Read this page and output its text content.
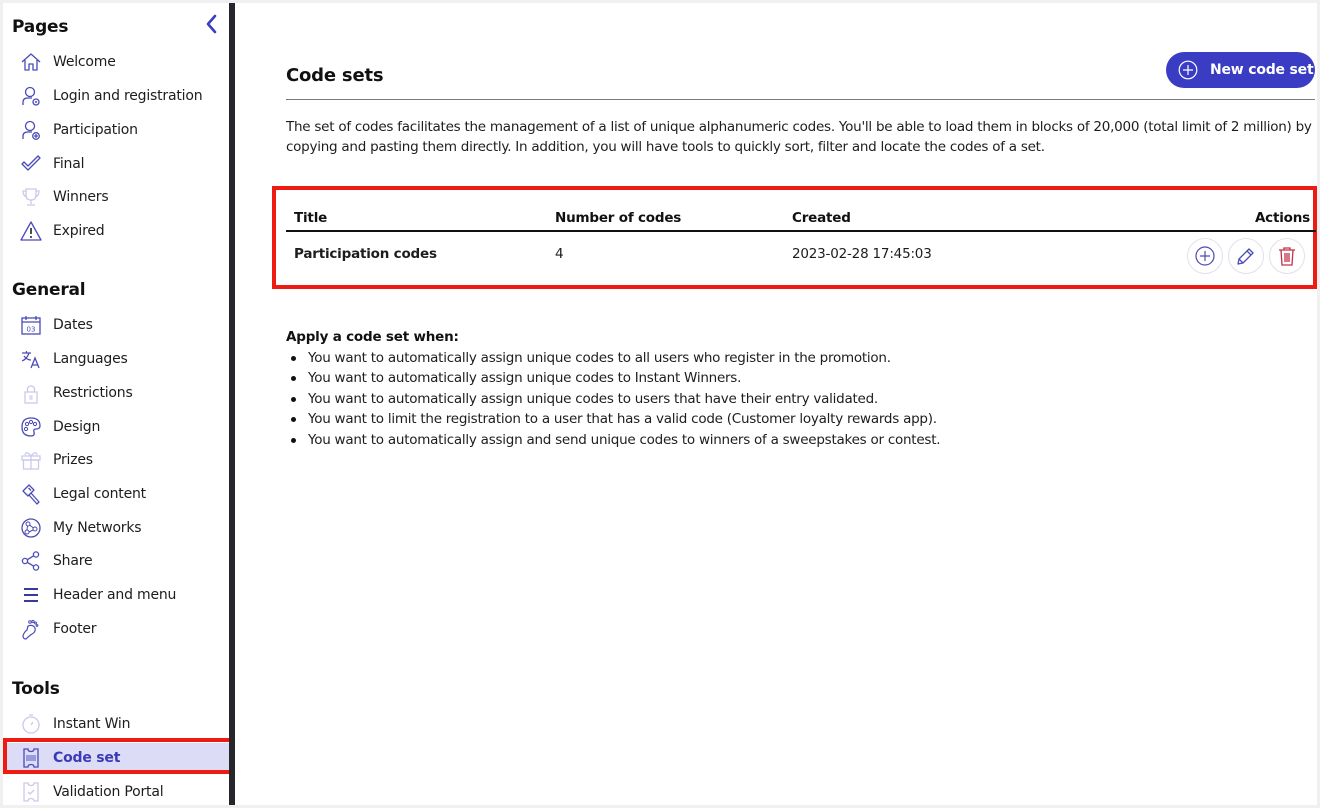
Pages
Welcome
Login and registration
Participation
Final
Winners
Expired
General
03 Dates
Languages
Restrictions
Design
Prizes
Legal content
My Networks
Share
Header and menu
Footer
Tools
Instant Win
Code set
Validation Portal
Code sets	New code set

The set of codes facilitates the management of a list of unique alphanumeric codes. You'll be able to load them in blocks of 20,000 (total limit of 2 million) by copying and pasting them directly. In addition, you will have tools to quickly sort, filter and locate the codes of a set.

Title	Number of codes	Created	Actions
Participation codes	4	2023-02-28 17:45:03
Apply a code set when:
You want to automatically assign unique codes to all users who register in the promotion.
You want to automatically assign unique codes to Instant Winners.
You want to automatically assign unique codes to users that have their entry validated.
You want to limit the registration to a user that has a valid code (Customer loyalty rewards app).
You want to automatically assign and send unique codes to winners of a sweepstakes or contest.
